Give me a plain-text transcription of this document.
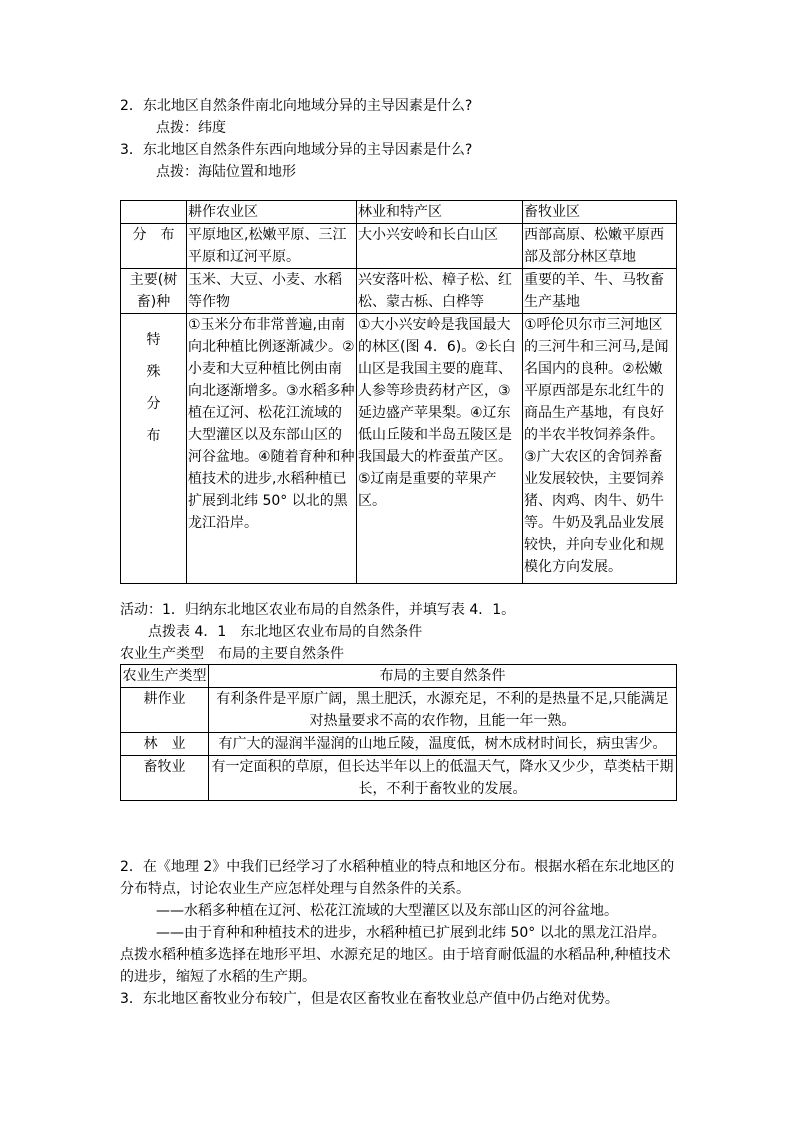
2．东北地区自然条件南北向地域分异的主导因素是什么?
点拨：纬度
3．东北地区自然条件东西向地域分异的主导因素是什么?
点拨：海陆位置和地形
	耕作农业区	林业和特产区	畜牧业区
分　布	平原地区,松嫩平原、三江平原和辽河平原。	大小兴安岭和长白山区	西部高原、松嫩平原西部及部分林区草地
主要(树畜)种	玉米、大豆、小麦、水稻等作物	兴安落叶松、樟子松、红松、蒙古栎、白桦等	重要的羊、牛、马牧畜生产基地

特
殊
分
布	①玉米分布非常普遍,由南向北种植比例逐渐减少。②小麦和大豆种植比例由南向北逐渐增多。③水稻多种植在辽河、松花江流域的大型灌区以及东部山区的河谷盆地。④随着育种和种植技术的进步,水稻种植已扩展到北纬 50° 以北的黑龙江沿岸。	①大小兴安岭是我国最大的林区(图 4．6)。②长白山区是我国主要的鹿茸、人参等珍贵药材产区，③延边盛产苹果梨。④辽东低山丘陵和半岛五陵区是我国最大的柞蚕茧产区。⑤辽南是重要的苹果产区。	①呼伦贝尔市三河地区的三河牛和三河马,是闻名国内的良种。②松嫩平原西部是东北红牛的商品生产基地，有良好的半农半牧饲养条件。③广大农区的舍饲养畜业发展较快，主要饲养猪、肉鸡、肉牛、奶牛等。牛奶及乳品业发展较快，并向专业化和规模化方向发展。
活动：1．归纳东北地区农业布局的自然条件，并填写表 4．1。
点拨表 4．1　东北地区农业布局的自然条件
农业生产类型　布局的主要自然条件
农业生产类型	布局的主要自然条件
耕作业	有利条件是平原广阔，黑土肥沃，水源充足，不利的是热量不足,只能满足对热量要求不高的农作物，且能一年一熟。
林　业	有广大的湿润半湿润的山地丘陵，温度低，树木成材时间长，病虫害少。
畜牧业	有一定面积的草原，但长达半年以上的低温天气，降水又少少，草类枯干期长，不利于畜牧业的发展。
2．在《地理 2》中我们已经学习了水稻种植业的特点和地区分布。根据水稻在东北地区的分布特点，讨论农业生产应怎样处理与自然条件的关系。
——水稻多种植在辽河、松花江流域的大型灌区以及东部山区的河谷盆地。
——由于育种和种植技术的进步，水稻种植已扩展到北纬 50° 以北的黑龙江沿岸。
点拨水稻种植多选择在地形平坦、水源充足的地区。由于培育耐低温的水稻品种,种植技术的进步，缩短了水稻的生产期。
3．东北地区畜牧业分布较广，但是农区畜牧业在畜牧业总产值中仍占绝对优势。
